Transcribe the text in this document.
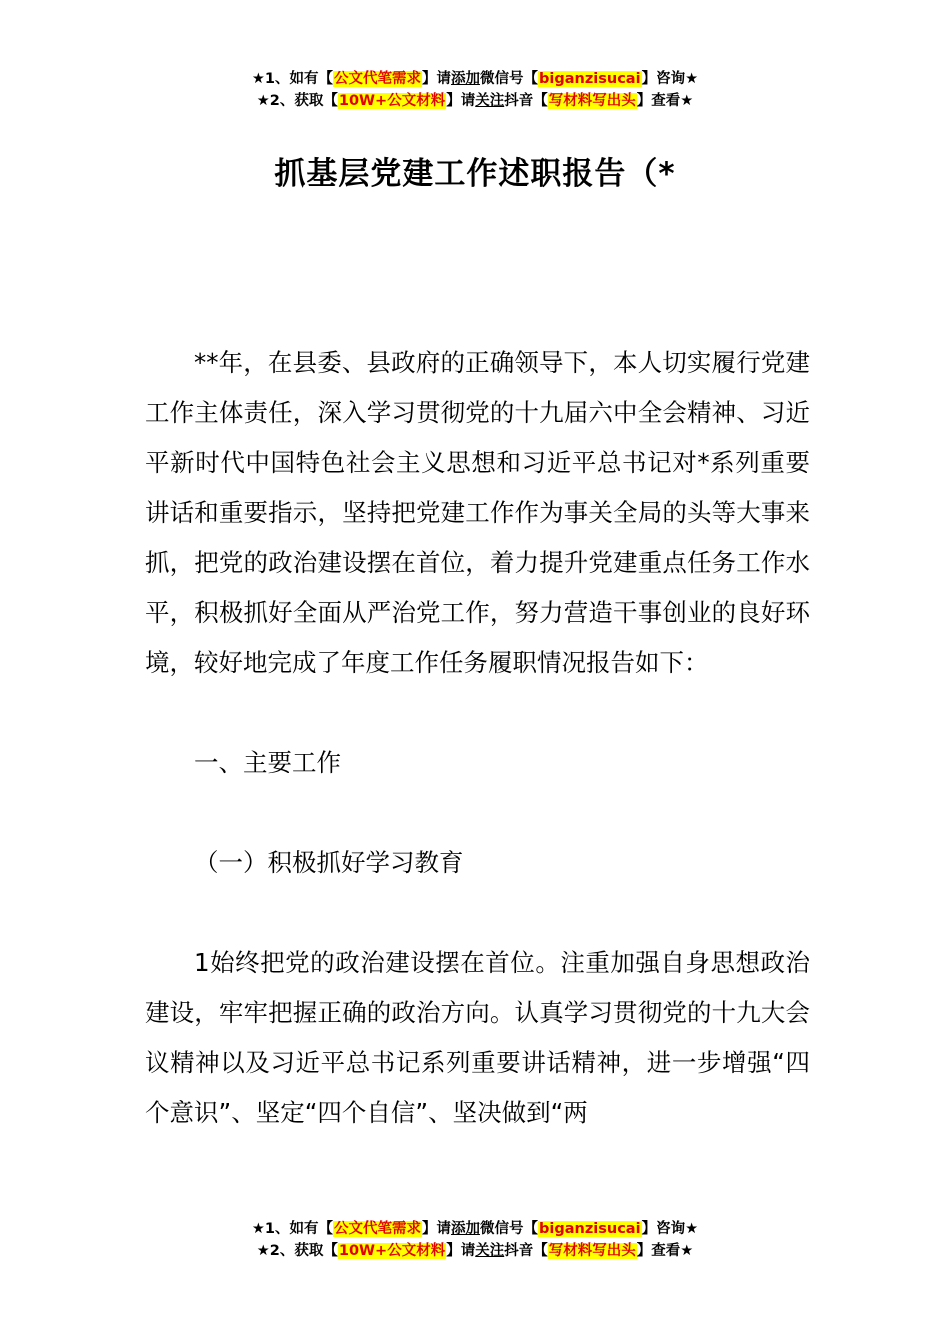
★1、如有【公文代笔需求】请添加微信号【biganzisucai】咨询★
★2、获取【10W+公文材料】请关注抖音【写材料写出头】查看★
抓基层党建工作述职报告（*

**年，在县委、县政府的正确领导下，本人切实履行党建工作主体责任，深入学习贯彻党的十九届六中全会精神、习近平新时代中国特色社会主义思想和习近平总书记对*系列重要讲话和重要指示，坚持把党建工作作为事关全局的头等大事来抓，把党的政治建设摆在首位，着力提升党建重点任务工作水平，积极抓好全面从严治党工作，努力营造干事创业的良好环境，较好地完成了年度工作任务履职情况报告如下：

一、主要工作

（一）积极抓好学习教育

1始终把党的政治建设摆在首位。注重加强自身思想政治建设，牢牢把握正确的政治方向。认真学习贯彻党的十九大会议精神以及习近平总书记系列重要讲话精神，进一步增强“四个意识”、坚定“四个自信”、坚决做到“两

★1、如有【公文代笔需求】请添加微信号【biganzisucai】咨询★
★2、获取【10W+公文材料】请关注抖音【写材料写出头】查看★
